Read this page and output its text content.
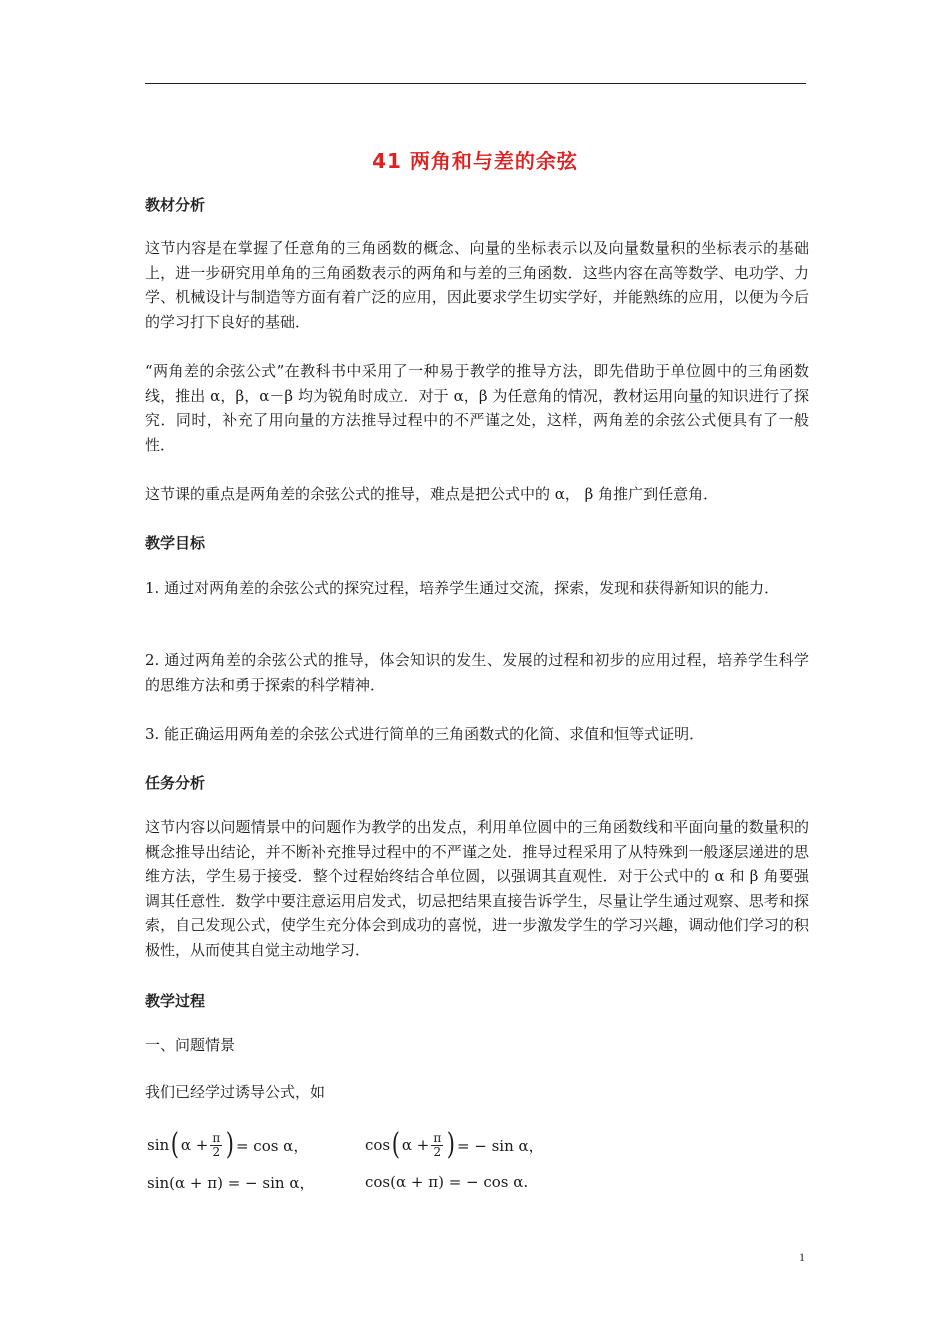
41 两角和与差的余弦
教材分析
这节内容是在掌握了任意角的三角函数的概念、向量的坐标表示以及向量数量积的坐标表示的基础上，进一步研究用单角的三角函数表示的两角和与差的三角函数．这些内容在高等数学、电功学、力学、机械设计与制造等方面有着广泛的应用，因此要求学生切实学好，并能熟练的应用，以便为今后的学习打下良好的基础．
“两角差的余弦公式”在教科书中采用了一种易于教学的推导方法，即先借助于单位圆中的三角函数线，推出 α，β，α－β 均为锐角时成立．对于 α，β 为任意角的情况，教材运用向量的知识进行了探究．同时，补充了用向量的方法推导过程中的不严谨之处，这样，两角差的余弦公式便具有了一般性．
这节课的重点是两角差的余弦公式的推导，难点是把公式中的 α， β 角推广到任意角．
教学目标
1. 通过对两角差的余弦公式的探究过程，培养学生通过交流，探索，发现和获得新知识的能力．
2. 通过两角差的余弦公式的推导，体会知识的发生、发展的过程和初步的应用过程，培养学生科学的思维方法和勇于探索的科学精神．
3. 能正确运用两角差的余弦公式进行简单的三角函数式的化简、求值和恒等式证明．
任务分析
这节内容以问题情景中的问题作为教学的出发点，利用单位圆中的三角函数线和平面向量的数量积的概念推导出结论，并不断补充推导过程中的不严谨之处．推导过程采用了从特殊到一般逐层递进的思维方法，学生易于接受．整个过程始终结合单位圆，以强调其直观性．对于公式中的 α 和 β 角要强调其任意性．数学中要注意运用启发式，切忌把结果直接告诉学生，尽量让学生通过观察、思考和探索，自己发现公式，使学生充分体会到成功的喜悦，进一步激发学生的学习兴趣，调动他们学习的积极性，从而使其自觉主动地学习．
教学过程
一、问题情景
我们已经学过诱导公式，如
sin ( $\alpha + \frac{\pi}{2}$ ) = cos α，	cos ( $\alpha + \frac{\pi}{2}$ ) = − sin α，
sin(α + π) = − sin α，	cos(α + π) = − cos α.
1
